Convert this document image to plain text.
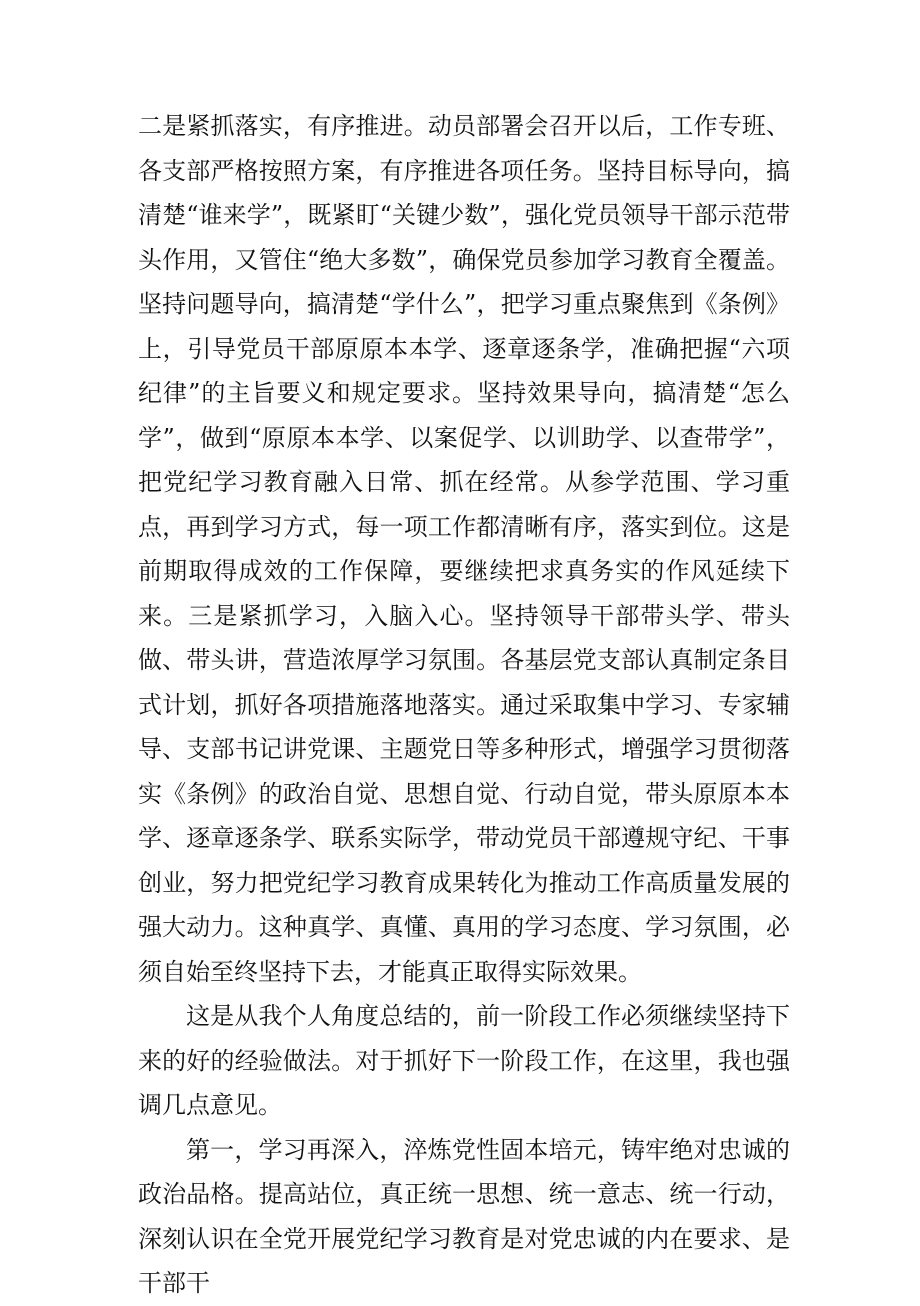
二是紧抓落实，有序推进。动员部署会召开以后，工作专班、各支部严格按照方案，有序推进各项任务。坚持目标导向，搞清楚“谁来学”，既紧盯“关键少数”，强化党员领导干部示范带头作用，又管住“绝大多数”，确保党员参加学习教育全覆盖。坚持问题导向，搞清楚“学什么”，把学习重点聚焦到《条例》上，引导党员干部原原本本学、逐章逐条学，准确把握“六项纪律”的主旨要义和规定要求。坚持效果导向，搞清楚“怎么学”，做到“原原本本学、以案促学、以训助学、以查带学”，把党纪学习教育融入日常、抓在经常。从参学范围、学习重点，再到学习方式，每一项工作都清晰有序，落实到位。这是前期取得成效的工作保障，要继续把求真务实的作风延续下来。三是紧抓学习，入脑入心。坚持领导干部带头学、带头做、带头讲，营造浓厚学习氛围。各基层党支部认真制定条目式计划，抓好各项措施落地落实。通过采取集中学习、专家辅导、支部书记讲党课、主题党日等多种形式，增强学习贯彻落实《条例》的政治自觉、思想自觉、行动自觉，带头原原本本学、逐章逐条学、联系实际学，带动党员干部遵规守纪、干事创业，努力把党纪学习教育成果转化为推动工作高质量发展的强大动力。这种真学、真懂、真用的学习态度、学习氛围，必须自始至终坚持下去，才能真正取得实际效果。

这是从我个人角度总结的，前一阶段工作必须继续坚持下来的好的经验做法。对于抓好下一阶段工作，在这里，我也强调几点意见。

第一，学习再深入，淬炼党性固本培元，铸牢绝对忠诚的政治品格。提高站位，真正统一思想、统一意志、统一行动，深刻认识在全党开展党纪学习教育是对党忠诚的内在要求、是干部干
